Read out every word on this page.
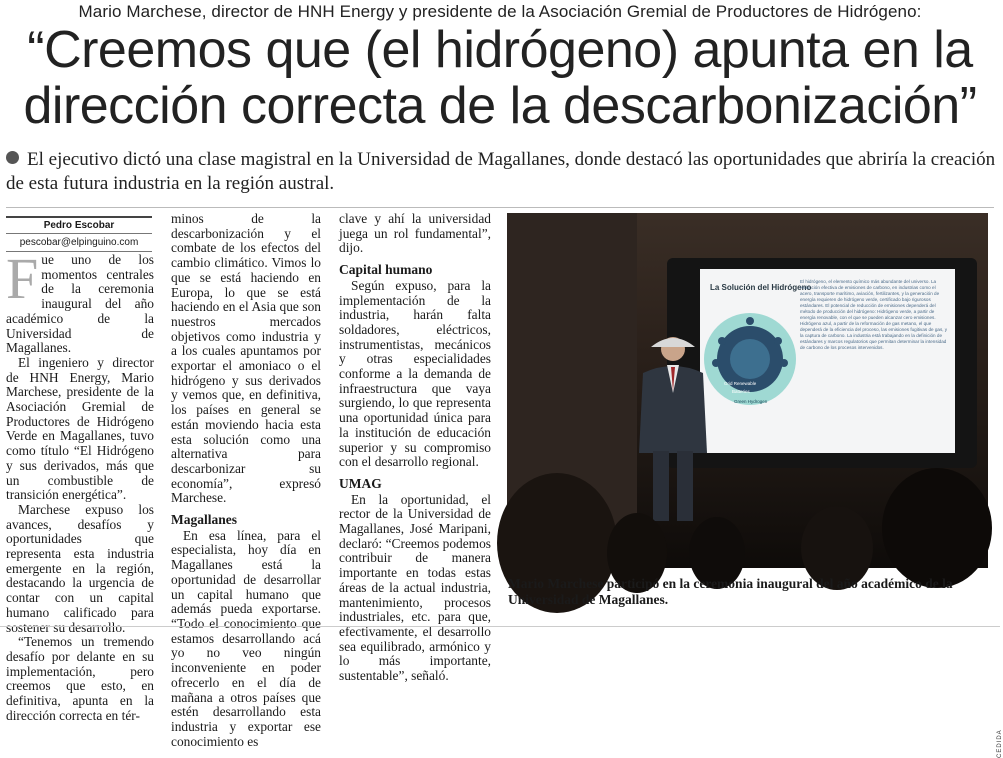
Mario Marchese, director de HNH Energy y presidente de la Asociación Gremial de Productores de Hidrógeno:
“Creemos que (el hidrógeno) apunta en la
dirección correcta de la descarbonización”
El ejecutivo dictó una clase magistral en la Universidad de Magallanes, donde destacó las oportunidades que abriría la creación de esta futura industria en la región austral.
Pedro Escobar
pescobar@elpinguino.com

Fue uno de los momentos centrales de la ceremonia inaugural del año académico de la Universidad de Magallanes.

El ingeniero y director de HNH Energy, Mario Marchese, presidente de la Asociación Gremial de Productores de Hidrógeno Verde en Magallanes, tuvo como título “El Hidrógeno y sus derivados, más que un combustible de transición energética”.

Marchese expuso los avances, desafíos y oportunidades que representa esta industria emergente en la región, destacando la urgencia de contar con un capital humano calificado para sostener su desarrollo.

“Tenemos un tremendo desafío por delante en su implementación, pero creemos que esto, en definitiva, apunta en la dirección correcta en tér-

minos de la descarbonización y el combate de los efectos del cambio climático. Vimos lo que se está haciendo en Europa, lo que se está haciendo en el Asia que son nuestros mercados objetivos como industria y a los cuales apuntamos por exportar el amoniaco o el hidrógeno y sus derivados y vemos que, en definitiva, los países en general se están moviendo hacia esta esta solución como una alternativa para descarbonizar su economía”, expresó Marchese.

Magallanes

En esa línea, para el especialista, hoy día en Magallanes está la oportunidad de desarrollar un capital humano que además pueda exportarse. “Todo el conocimiento que estamos desarrollando acá yo no veo ningún inconveniente en poder ofrecerlo en el día de mañana a otros países que estén desarrollando esta industria y exportar ese conocimiento es

clave y ahí la universidad juega un rol fundamental”, dijo.

Capital humano

Según expuso, para la implementación de la industria, harán falta soldadores, eléctricos, instrumentistas, mecánicos y otras especialidades conforme a la demanda de infraestructura que vaya surgiendo, lo que representa una oportunidad única para la institución de educación superior y su compromiso con el desarrollo regional.

UMAG

En la oportunidad, el rector de la Universidad de Magallanes, José Maripani, declaró: “Creemos podemos contribuir de manera importante en todas estas áreas de la actual industria, mantenimiento, procesos industriales, etc. para que, efectivamente, el desarrollo sea equilibrado, armónico y lo más importante, sustentable”, señaló.

La Solución del Hidrógeno
Grid Renewable
Batteries
Green Hydrogen
El hidrógeno, el elemento químico más abundante del universo. La reducción efectiva de emisiones de carbono, en industrias como el acero, transporte marítimo, aviación, fertilizantes, y la generación de energía requieren de hidrógeno verde, certificado bajo rigurosos estándares. El potencial de reducción de emisiones dependerá del método de producción del hidrógeno: Hidrógeno verde, a partir de energía renovable, con el que se pueden alcanzar cero emisiones. Hidrógeno azul, a partir de la reformación de gas metano, el que dependerá de la eficiencia del proceso, las emisiones fugitivas de gas, y la captura de carbono. La industria está trabajando en la definición de estándares y marcos regulatorios que permitan determinar la intensidad de carbono de los procesos intervenidos.
CEDIDA
Mario Marchese participó en la ceremonia inaugural del año académico de la Universidad de Magallanes.
